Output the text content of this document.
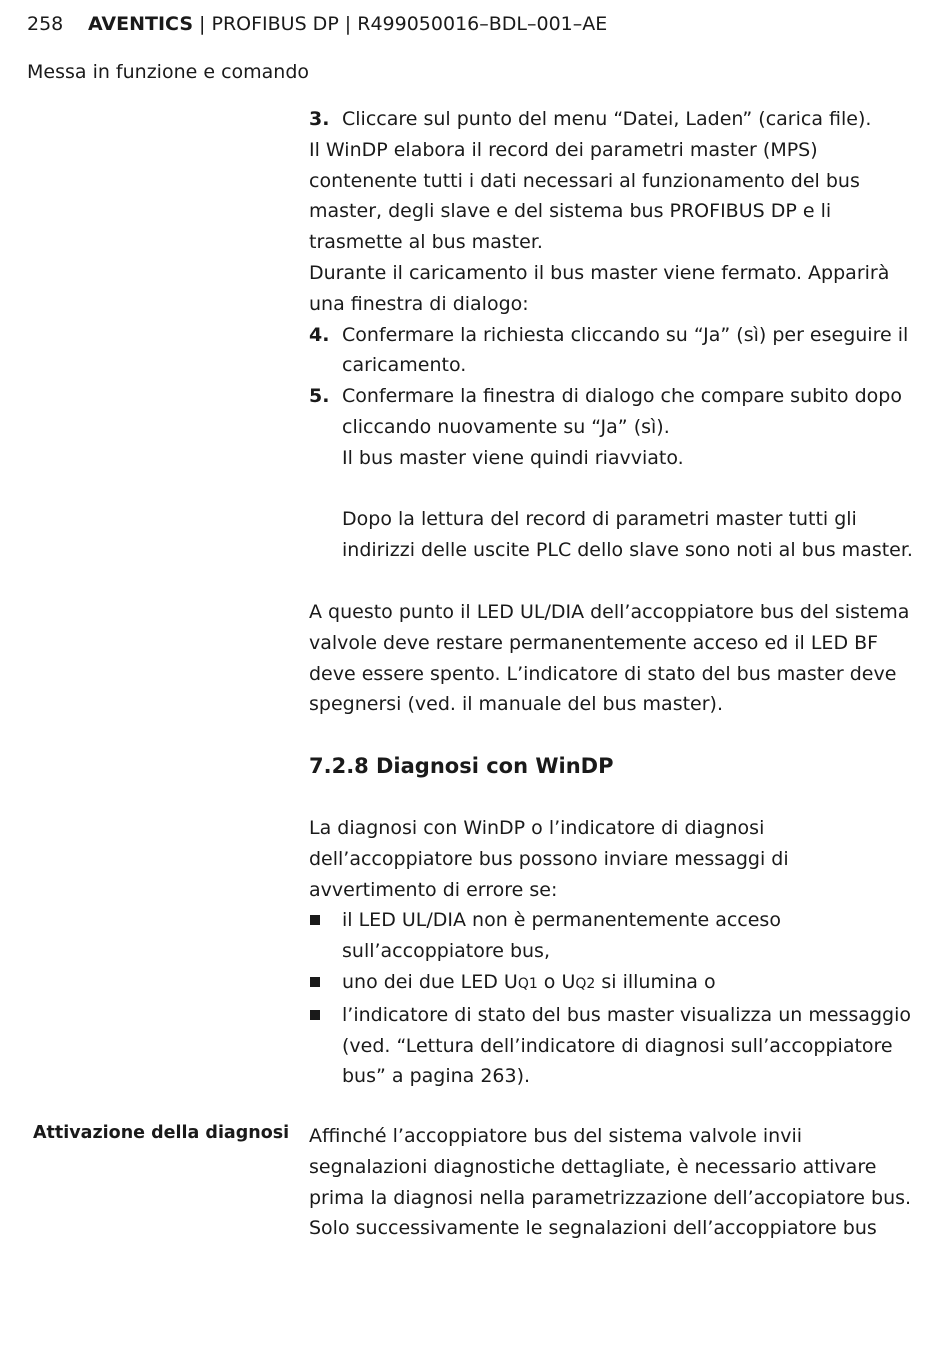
258 AVENTICS | PROFIBUS DP | R499050016–BDL–001–AE
Messa in funzione e comando
3. Cliccare sul punto del menu “Datei, Laden” (carica file).
Il WinDP elabora il record dei parametri master (MPS)
contenente tutti i dati necessari al funzionamento del bus
master, degli slave e del sistema bus PROFIBUS DP e li
trasmette al bus master.
Durante il caricamento il bus master viene fermato. Apparirà
una finestra di dialogo:
4. Confermare la richiesta cliccando su “Ja” (sì) per eseguire il
caricamento.
5. Confermare la finestra di dialogo che compare subito dopo
cliccando nuovamente su “Ja” (sì).
Il bus master viene quindi riavviato.
Dopo la lettura del record di parametri master tutti gli
indirizzi delle uscite PLC dello slave sono noti al bus master.
A questo punto il LED UL/DIA dell’accoppiatore bus del sistema
valvole deve restare permanentemente acceso ed il LED BF
deve essere spento. L’indicatore di stato del bus master deve
spegnersi (ved. il manuale del bus master).
7.2.8 Diagnosi con WinDP
La diagnosi con WinDP o l’indicatore di diagnosi
dell’accoppiatore bus possono inviare messaggi di
avvertimento di errore se:
il LED UL/DIA non è permanentemente acceso
sull’accoppiatore bus,
uno dei due LED UQ1 o UQ2 si illumina o
l’indicatore di stato del bus master visualizza un messaggio
(ved. “Lettura dell’indicatore di diagnosi sull’accoppiatore
bus” a pagina 263).
Attivazione della diagnosi Affinché l’accoppiatore bus del sistema valvole invii
segnalazioni diagnostiche dettagliate, è necessario attivare
prima la diagnosi nella parametrizzazione dell’accopiatore bus.
Solo successivamente le segnalazioni dell’accoppiatore bus
